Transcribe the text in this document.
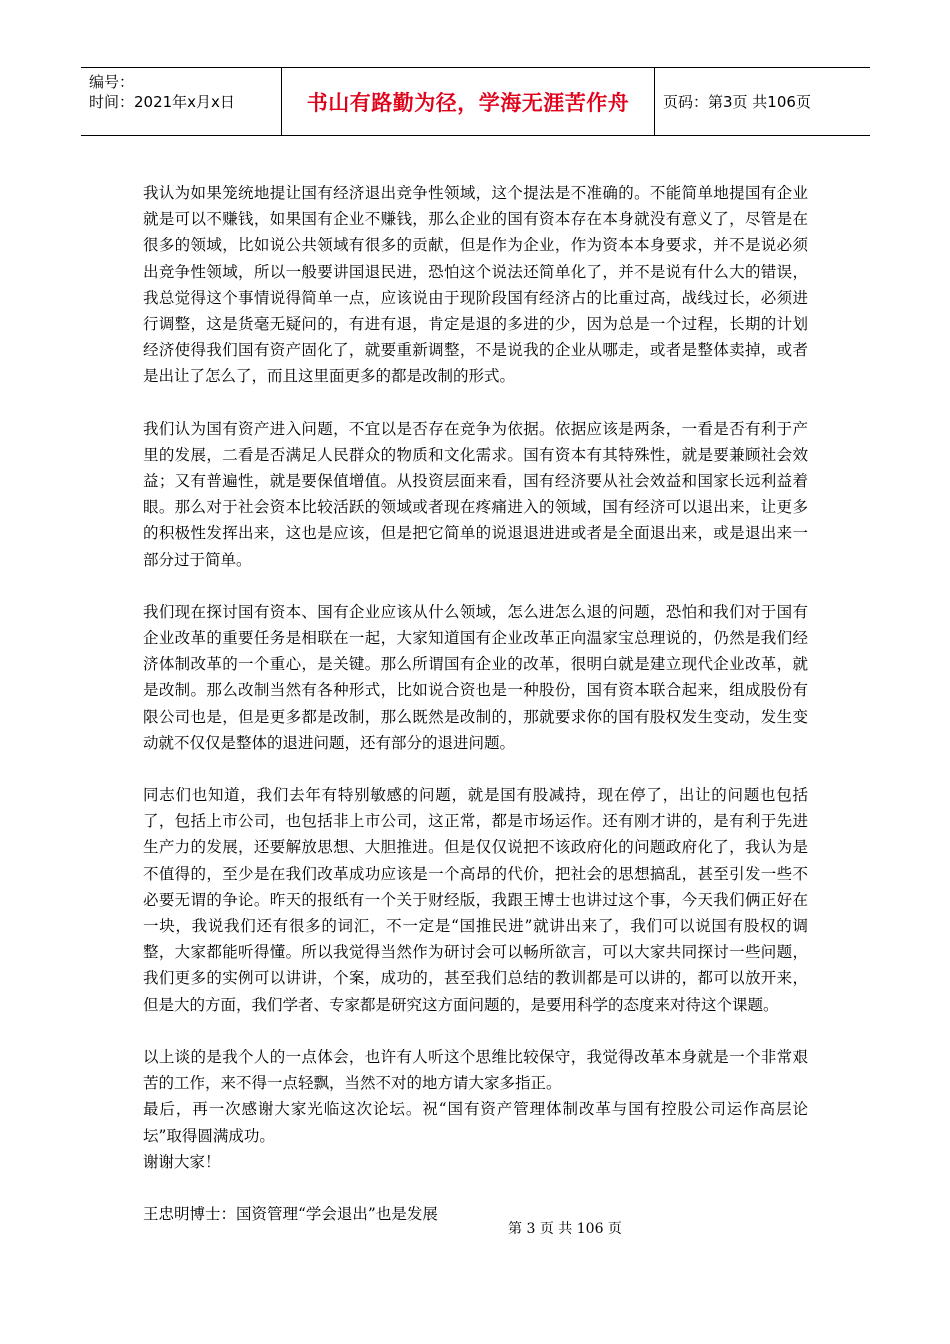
编号：
时间：2021年x月x日	书山有路勤为径，学海无涯苦作舟	页码：第3页 共106页

我认为如果笼统地提让国有经济退出竞争性领域，这个提法是不准确的。不能简单地提国有企业就是可以不赚钱，如果国有企业不赚钱，那么企业的国有资本存在本身就没有意义了，尽管是在很多的领域，比如说公共领域有很多的贡献，但是作为企业，作为资本本身要求，并不是说必须出竞争性领域，所以一般要讲国退民进，恐怕这个说法还简单化了，并不是说有什么大的错误，我总觉得这个事情说得简单一点，应该说由于现阶段国有经济占的比重过高，战线过长，必须进行调整，这是货毫无疑问的，有进有退，肯定是退的多进的少，因为总是一个过程，长期的计划经济使得我们国有资产固化了，就要重新调整，不是说我的企业从哪走，或者是整体卖掉，或者是出让了怎么了，而且这里面更多的都是改制的形式。

我们认为国有资产进入问题，不宜以是否存在竞争为依据。依据应该是两条，一看是否有利于产里的发展，二看是否满足人民群众的物质和文化需求。国有资本有其特殊性，就是要兼顾社会效益；又有普遍性，就是要保值增值。从投资层面来看，国有经济要从社会效益和国家长远利益着眼。那么对于社会资本比较活跃的领域或者现在疼痛进入的领域，国有经济可以退出来，让更多的积极性发挥出来，这也是应该，但是把它简单的说退退进进或者是全面退出来，或是退出来一部分过于简单。

我们现在探讨国有资本、国有企业应该从什么领域，怎么进怎么退的问题，恐怕和我们对于国有企业改革的重要任务是相联在一起，大家知道国有企业改革正向温家宝总理说的，仍然是我们经济体制改革的一个重心，是关键。那么所谓国有企业的改革，很明白就是建立现代企业改革，就是改制。那么改制当然有各种形式，比如说合资也是一种股份，国有资本联合起来，组成股份有限公司也是，但是更多都是改制，那么既然是改制的，那就要求你的国有股权发生变动，发生变动就不仅仅是整体的退进问题，还有部分的退进问题。

同志们也知道，我们去年有特别敏感的问题，就是国有股减持，现在停了，出让的问题也包括了，包括上市公司，也包括非上市公司，这正常，都是市场运作。还有刚才讲的，是有利于先进生产力的发展，还要解放思想、大胆推进。但是仅仅说把不该政府化的问题政府化了，我认为是不值得的，至少是在我们改革成功应该是一个高昂的代价，把社会的思想搞乱，甚至引发一些不必要无谓的争论。昨天的报纸有一个关于财经版，我跟王博士也讲过这个事，今天我们俩正好在一块，我说我们还有很多的词汇，不一定是“国推民进”就讲出来了，我们可以说国有股权的调整，大家都能听得懂。所以我觉得当然作为研讨会可以畅所欲言，可以大家共同探讨一些问题，我们更多的实例可以讲讲，个案，成功的，甚至我们总结的教训都是可以讲的，都可以放开来，但是大的方面，我们学者、专家都是研究这方面问题的，是要用科学的态度来对待这个课题。

以上谈的是我个人的一点体会，也许有人听这个思维比较保守，我觉得改革本身就是一个非常艰苦的工作，来不得一点轻飘，当然不对的地方请大家多指正。

最后，再一次感谢大家光临这次论坛。祝“国有资产管理体制改革与国有控股公司运作高层论坛”取得圆满成功。

谢谢大家！

王忠明博士：国资管理“学会退出”也是发展

第 3 页 共 106 页
